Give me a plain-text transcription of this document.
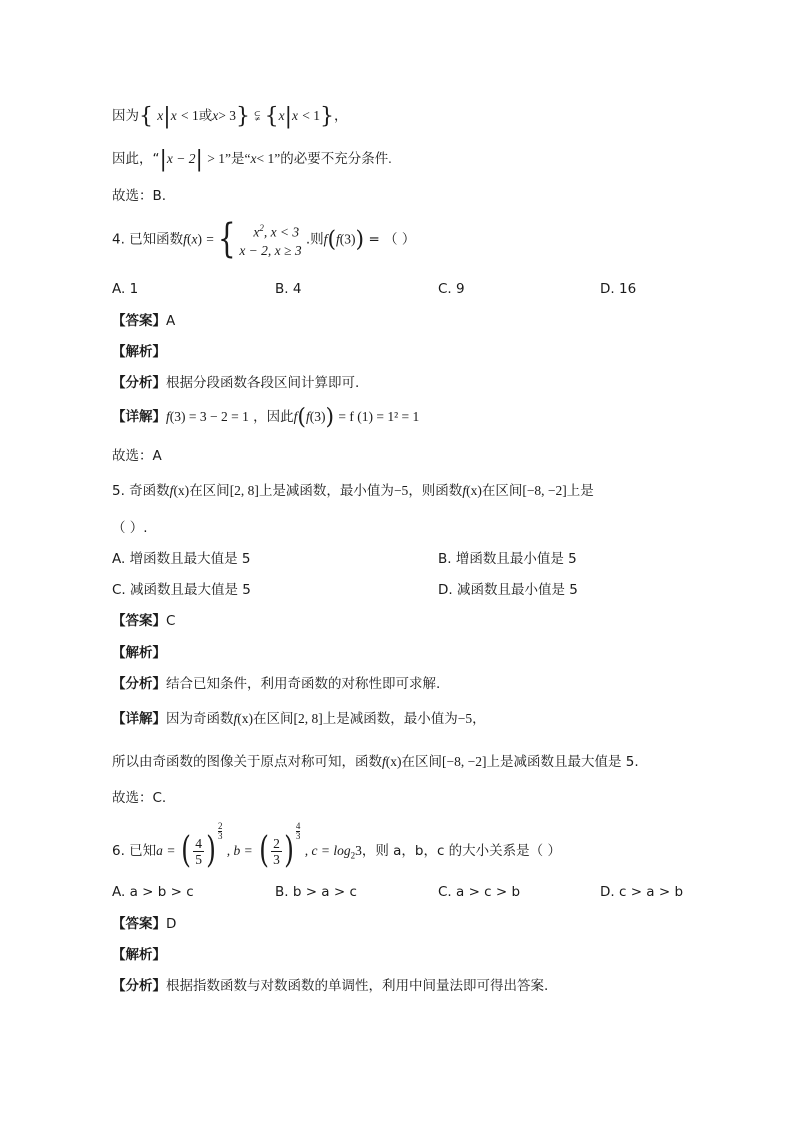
因为{ x|x < 1或x> 3} ⫋ {x|x < 1}，
因此，“|x − 2| > 1”是“x< 1”的必要不充分条件.
故选：B.
4. 已知函数f(x) ={	$x^2$, x < 3
x − 2, x ≥ 3
.则f(f(3)) = （ ）
A. 1	B. 4	C. 9	D. 16
【答案】A
【解析】
【分析】根据分段函数各段区间计算即可.
【详解】f(3) = 3 − 2 = 1 ，因此f(f(3)) = f (1) = 1² = 1
故选：A
5. 奇函数f(x)在区间[2, 8]上是减函数，最小值为−5，则函数f(x)在区间[−8, −2]上是
（ ）.
A. 增函数且最大值是 5	B. 增函数且最小值是 5
C. 减函数且最大值是 5	D. 减函数且最小值是 5
【答案】C
【解析】
【分析】结合已知条件，利用奇函数的对称性即可求解.
【详解】因为奇函数f(x)在区间[2, 8]上是减函数，最小值为−5，
所以由奇函数的图像关于原点对称可知，函数f(x)在区间[−8, −2]上是减函数且最大值是 5.
故选：C.
6. 已知a = ( $\frac{4}{5}$ ) $\frac{2}{3}$ , b = ( $\frac{2}{3}$ ) $\frac{4}{3}$ , $c = \log_23$，则 a，b，c 的大小关系是（ ）
A. a > b > c	B. b > a > c	C. a > c > b	D. c > a > b
【答案】D
【解析】
【分析】根据指数函数与对数函数的单调性，利用中间量法即可得出答案.
